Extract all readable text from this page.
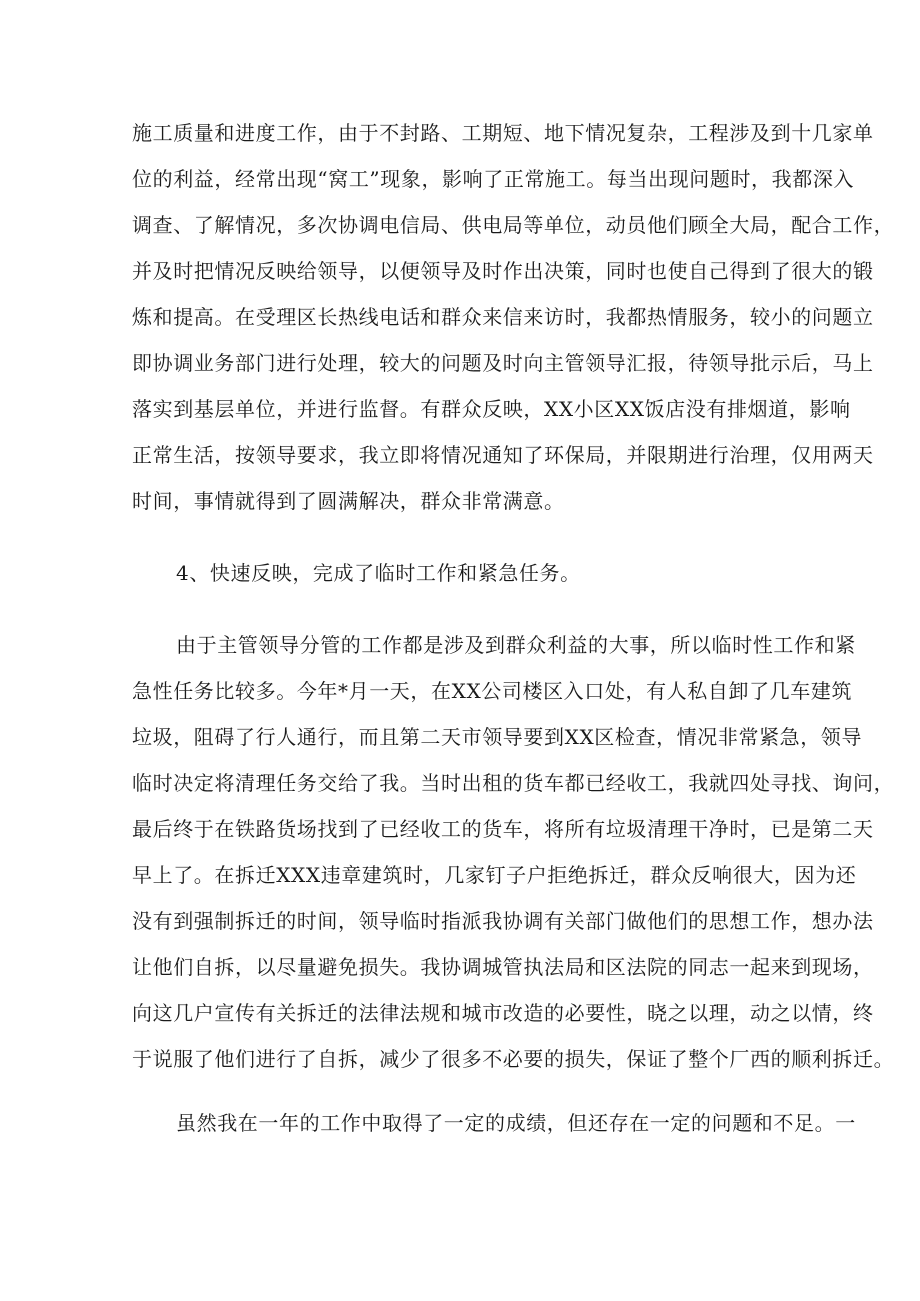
施工质量和进度工作，由于不封路、工期短、地下情况复杂，工程涉及到十几家单
位的利益，经常出现“窝工”现象，影响了正常施工。每当出现问题时，我都深入
调查、了解情况，多次协调电信局、供电局等单位，动员他们顾全大局，配合工作，
并及时把情况反映给领导，以便领导及时作出决策，同时也使自己得到了很大的锻
炼和提高。在受理区长热线电话和群众来信来访时，我都热情服务，较小的问题立
即协调业务部门进行处理，较大的问题及时向主管领导汇报，待领导批示后，马上
落实到基层单位，并进行监督。有群众反映，XX小区XX饭店没有排烟道，影响
正常生活，按领导要求，我立即将情况通知了环保局，并限期进行治理，仅用两天
时间，事情就得到了圆满解决，群众非常满意。
4、快速反映，完成了临时工作和紧急任务。
由于主管领导分管的工作都是涉及到群众利益的大事，所以临时性工作和紧
急性任务比较多。今年*月一天，在XX公司楼区入口处，有人私自卸了几车建筑
垃圾，阻碍了行人通行，而且第二天市领导要到XX区检查，情况非常紧急，领导
临时决定将清理任务交给了我。当时出租的货车都已经收工，我就四处寻找、询问，
最后终于在铁路货场找到了已经收工的货车，将所有垃圾清理干净时，已是第二天
早上了。在拆迁XXX违章建筑时，几家钉子户拒绝拆迁，群众反响很大，因为还
没有到强制拆迁的时间，领导临时指派我协调有关部门做他们的思想工作，想办法
让他们自拆，以尽量避免损失。我协调城管执法局和区法院的同志一起来到现场，
向这几户宣传有关拆迁的法律法规和城市改造的必要性，晓之以理，动之以情，终
于说服了他们进行了自拆，减少了很多不必要的损失，保证了整个厂西的顺利拆迁。
虽然我在一年的工作中取得了一定的成绩，但还存在一定的问题和不足。一
